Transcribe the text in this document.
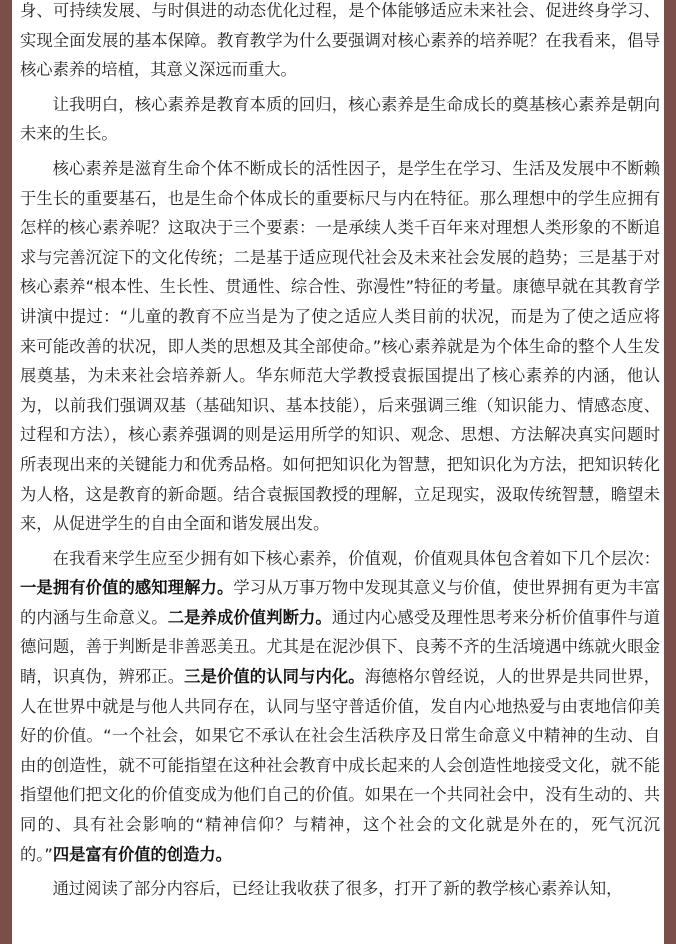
身、可持续发展、与时俱进的动态优化过程，是个体能够适应未来社会、促进终身学习、实现全面发展的基本保障。教育教学为什么要强调对核心素养的培养呢？在我看来，倡导核心素养的培植，其意义深远而重大。

让我明白，核心素养是教育本质的回归，核心素养是生命成长的奠基核心素养是朝向未来的生长。

核心素养是滋育生命个体不断成长的活性因子，是学生在学习、生活及发展中不断赖于生长的重要基石，也是生命个体成长的重要标尺与内在特征。那么理想中的学生应拥有怎样的核心素养呢？这取决于三个要素：一是承续人类千百年来对理想人类形象的不断追求与完善沉淀下的文化传统；二是基于适应现代社会及未来社会发展的趋势；三是基于对核心素养“根本性、生长性、贯通性、综合性、弥漫性”特征的考量。康德早就在其教育学讲演中提过：“儿童的教育不应当是为了使之适应人类目前的状况，而是为了使之适应将来可能改善的状况，即人类的思想及其全部使命。”核心素养就是为个体生命的整个人生发展奠基，为未来社会培养新人。华东师范大学教授袁振国提出了核心素养的内涵，他认为，以前我们强调双基（基础知识、基本技能），后来强调三维（知识能力、情感态度、过程和方法），核心素养强调的则是运用所学的知识、观念、思想、方法解决真实问题时所表现出来的关键能力和优秀品格。如何把知识化为智慧，把知识化为方法，把知识转化为人格，这是教育的新命题。结合袁振国教授的理解，立足现实，汲取传统智慧，瞻望未来，从促进学生的自由全面和谐发展出发。

在我看来学生应至少拥有如下核心素养，价值观，价值观具体包含着如下几个层次：一是拥有价值的感知理解力。学习从万事万物中发现其意义与价值，使世界拥有更为丰富的内涵与生命意义。二是养成价值判断力。通过内心感受及理性思考来分析价值事件与道德问题，善于判断是非善恶美丑。尤其是在泥沙俱下、良莠不齐的生活境遇中练就火眼金睛，识真伪，辨邪正。三是价值的认同与内化。海德格尔曾经说，人的世界是共同世界，人在世界中就是与他人共同存在，认同与坚守普适价值，发自内心地热爱与由衷地信仰美好的价值。“一个社会，如果它不承认在社会生活秩序及日常生命意义中精神的生动、自由的创造性，就不可能指望在这种社会教育中成长起来的人会创造性地接受文化，就不能指望他们把文化的价值变成为他们自己的价值。如果在一个共同社会中，没有生动的、共同的、具有社会影响的“精神信仰？与精神，这个社会的文化就是外在的，死气沉沉的。”四是富有价值的创造力。

通过阅读了部分内容后，已经让我收获了很多，打开了新的教学核心素养认知，
